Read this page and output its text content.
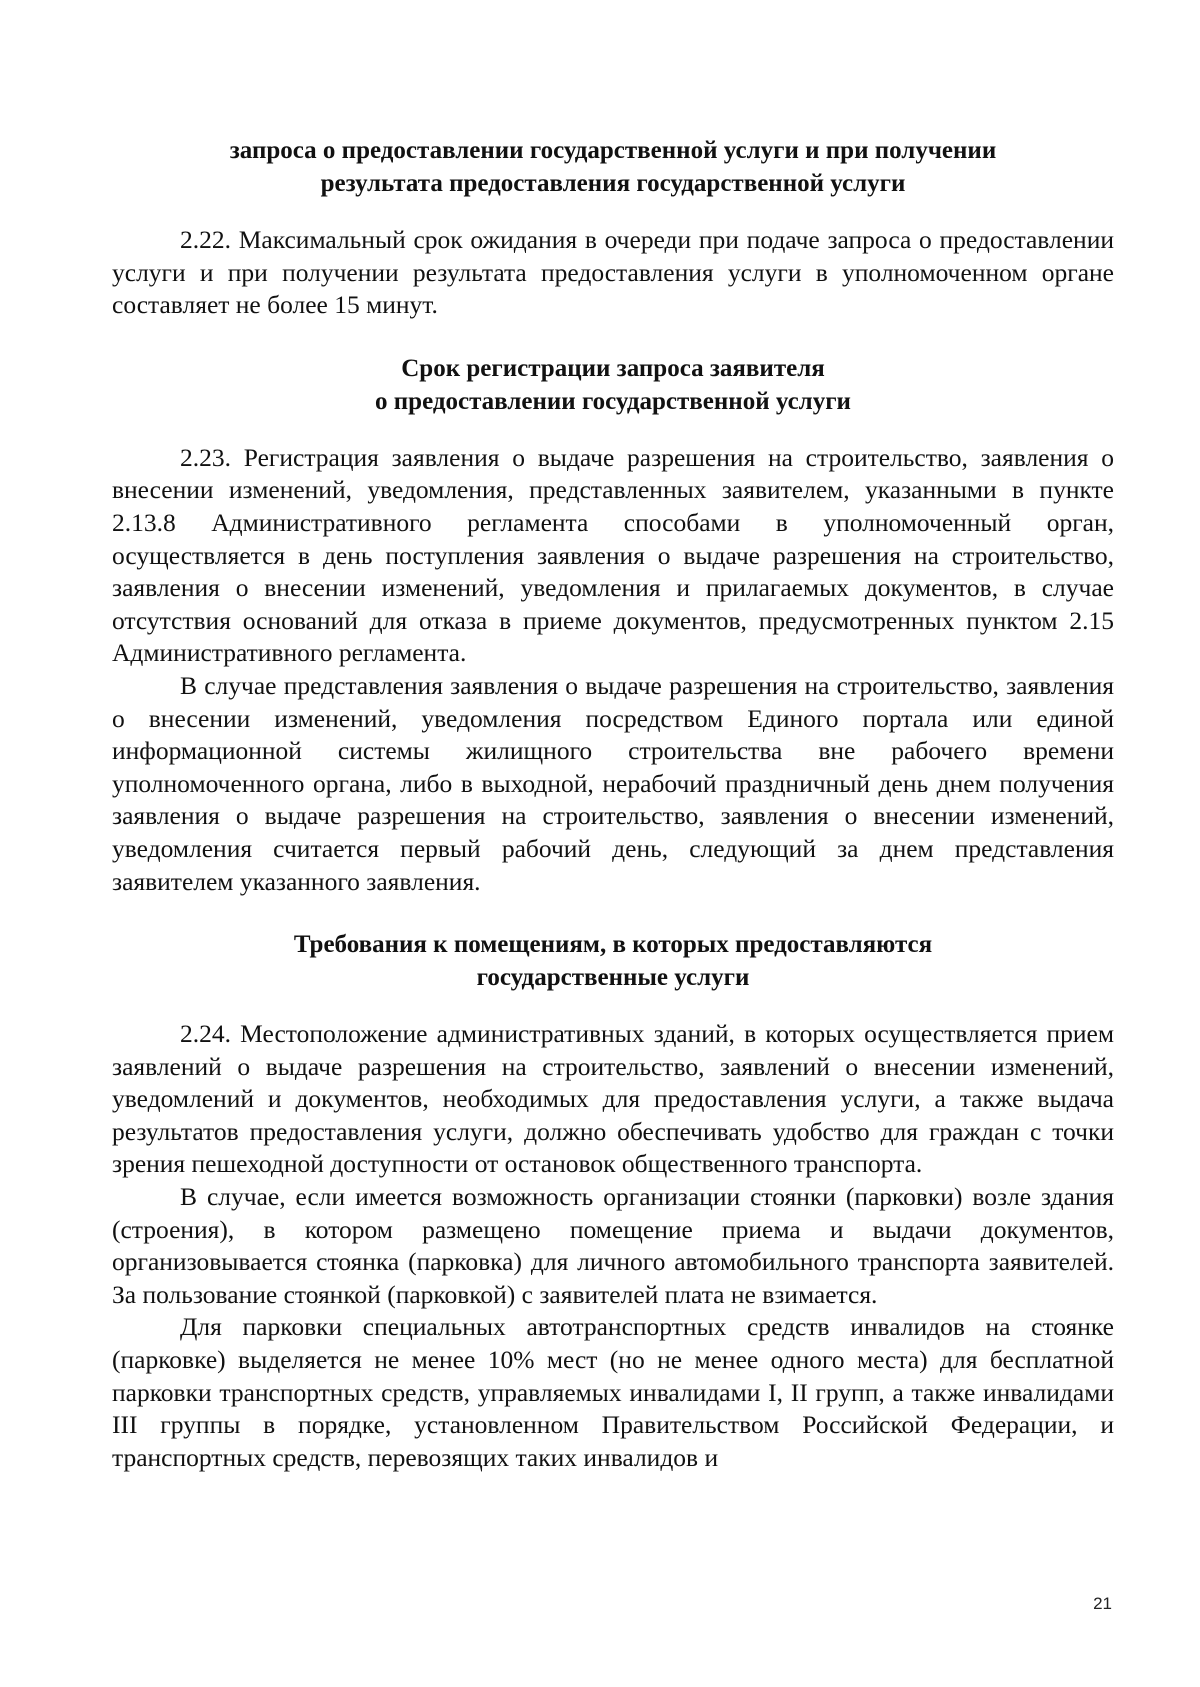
запроса о предоставлении государственной услуги и при получении
результата предоставления государственной услуги

2.22. Максимальный срок ожидания в очереди при подаче запроса о предоставлении услуги и при получении результата предоставления услуги в уполномоченном органе составляет не более 15 минут.

Срок регистрации запроса заявителя
о предоставлении государственной услуги

2.23. Регистрация заявления о выдаче разрешения на строительство, заявления о внесении изменений, уведомления, представленных заявителем, указанными в пункте 2.13.8 Административного регламента способами в уполномоченный орган, осуществляется в день поступления заявления о выдаче разрешения на строительство, заявления о внесении изменений, уведомления и прилагаемых документов, в случае отсутствия оснований для отказа в приеме документов, предусмотренных пунктом 2.15 Административного регламента.

В случае представления заявления о выдаче разрешения на строительство, заявления о внесении изменений, уведомления посредством Единого портала или единой информационной системы жилищного строительства вне рабочего времени уполномоченного органа, либо в выходной, нерабочий праздничный день днем получения заявления о выдаче разрешения на строительство, заявления о внесении изменений, уведомления считается первый рабочий день, следующий за днем представления заявителем указанного заявления.

Требования к помещениям, в которых предоставляются
государственные услуги

2.24. Местоположение административных зданий, в которых осуществляется прием заявлений о выдаче разрешения на строительство, заявлений о внесении изменений, уведомлений и документов, необходимых для предоставления услуги, а также выдача результатов предоставления услуги, должно обеспечивать удобство для граждан с точки зрения пешеходной доступности от остановок общественного транспорта.

В случае, если имеется возможность организации стоянки (парковки) возле здания (строения), в котором размещено помещение приема и выдачи документов, организовывается стоянка (парковка) для личного автомобильного транспорта заявителей. За пользование стоянкой (парковкой) с заявителей плата не взимается.

Для парковки специальных автотранспортных средств инвалидов на стоянке (парковке) выделяется не менее 10% мест (но не менее одного места) для бесплатной парковки транспортных средств, управляемых инвалидами I, II групп, а также инвалидами III группы в порядке, установленном Правительством Российской Федерации, и транспортных средств, перевозящих таких инвалидов и

21
